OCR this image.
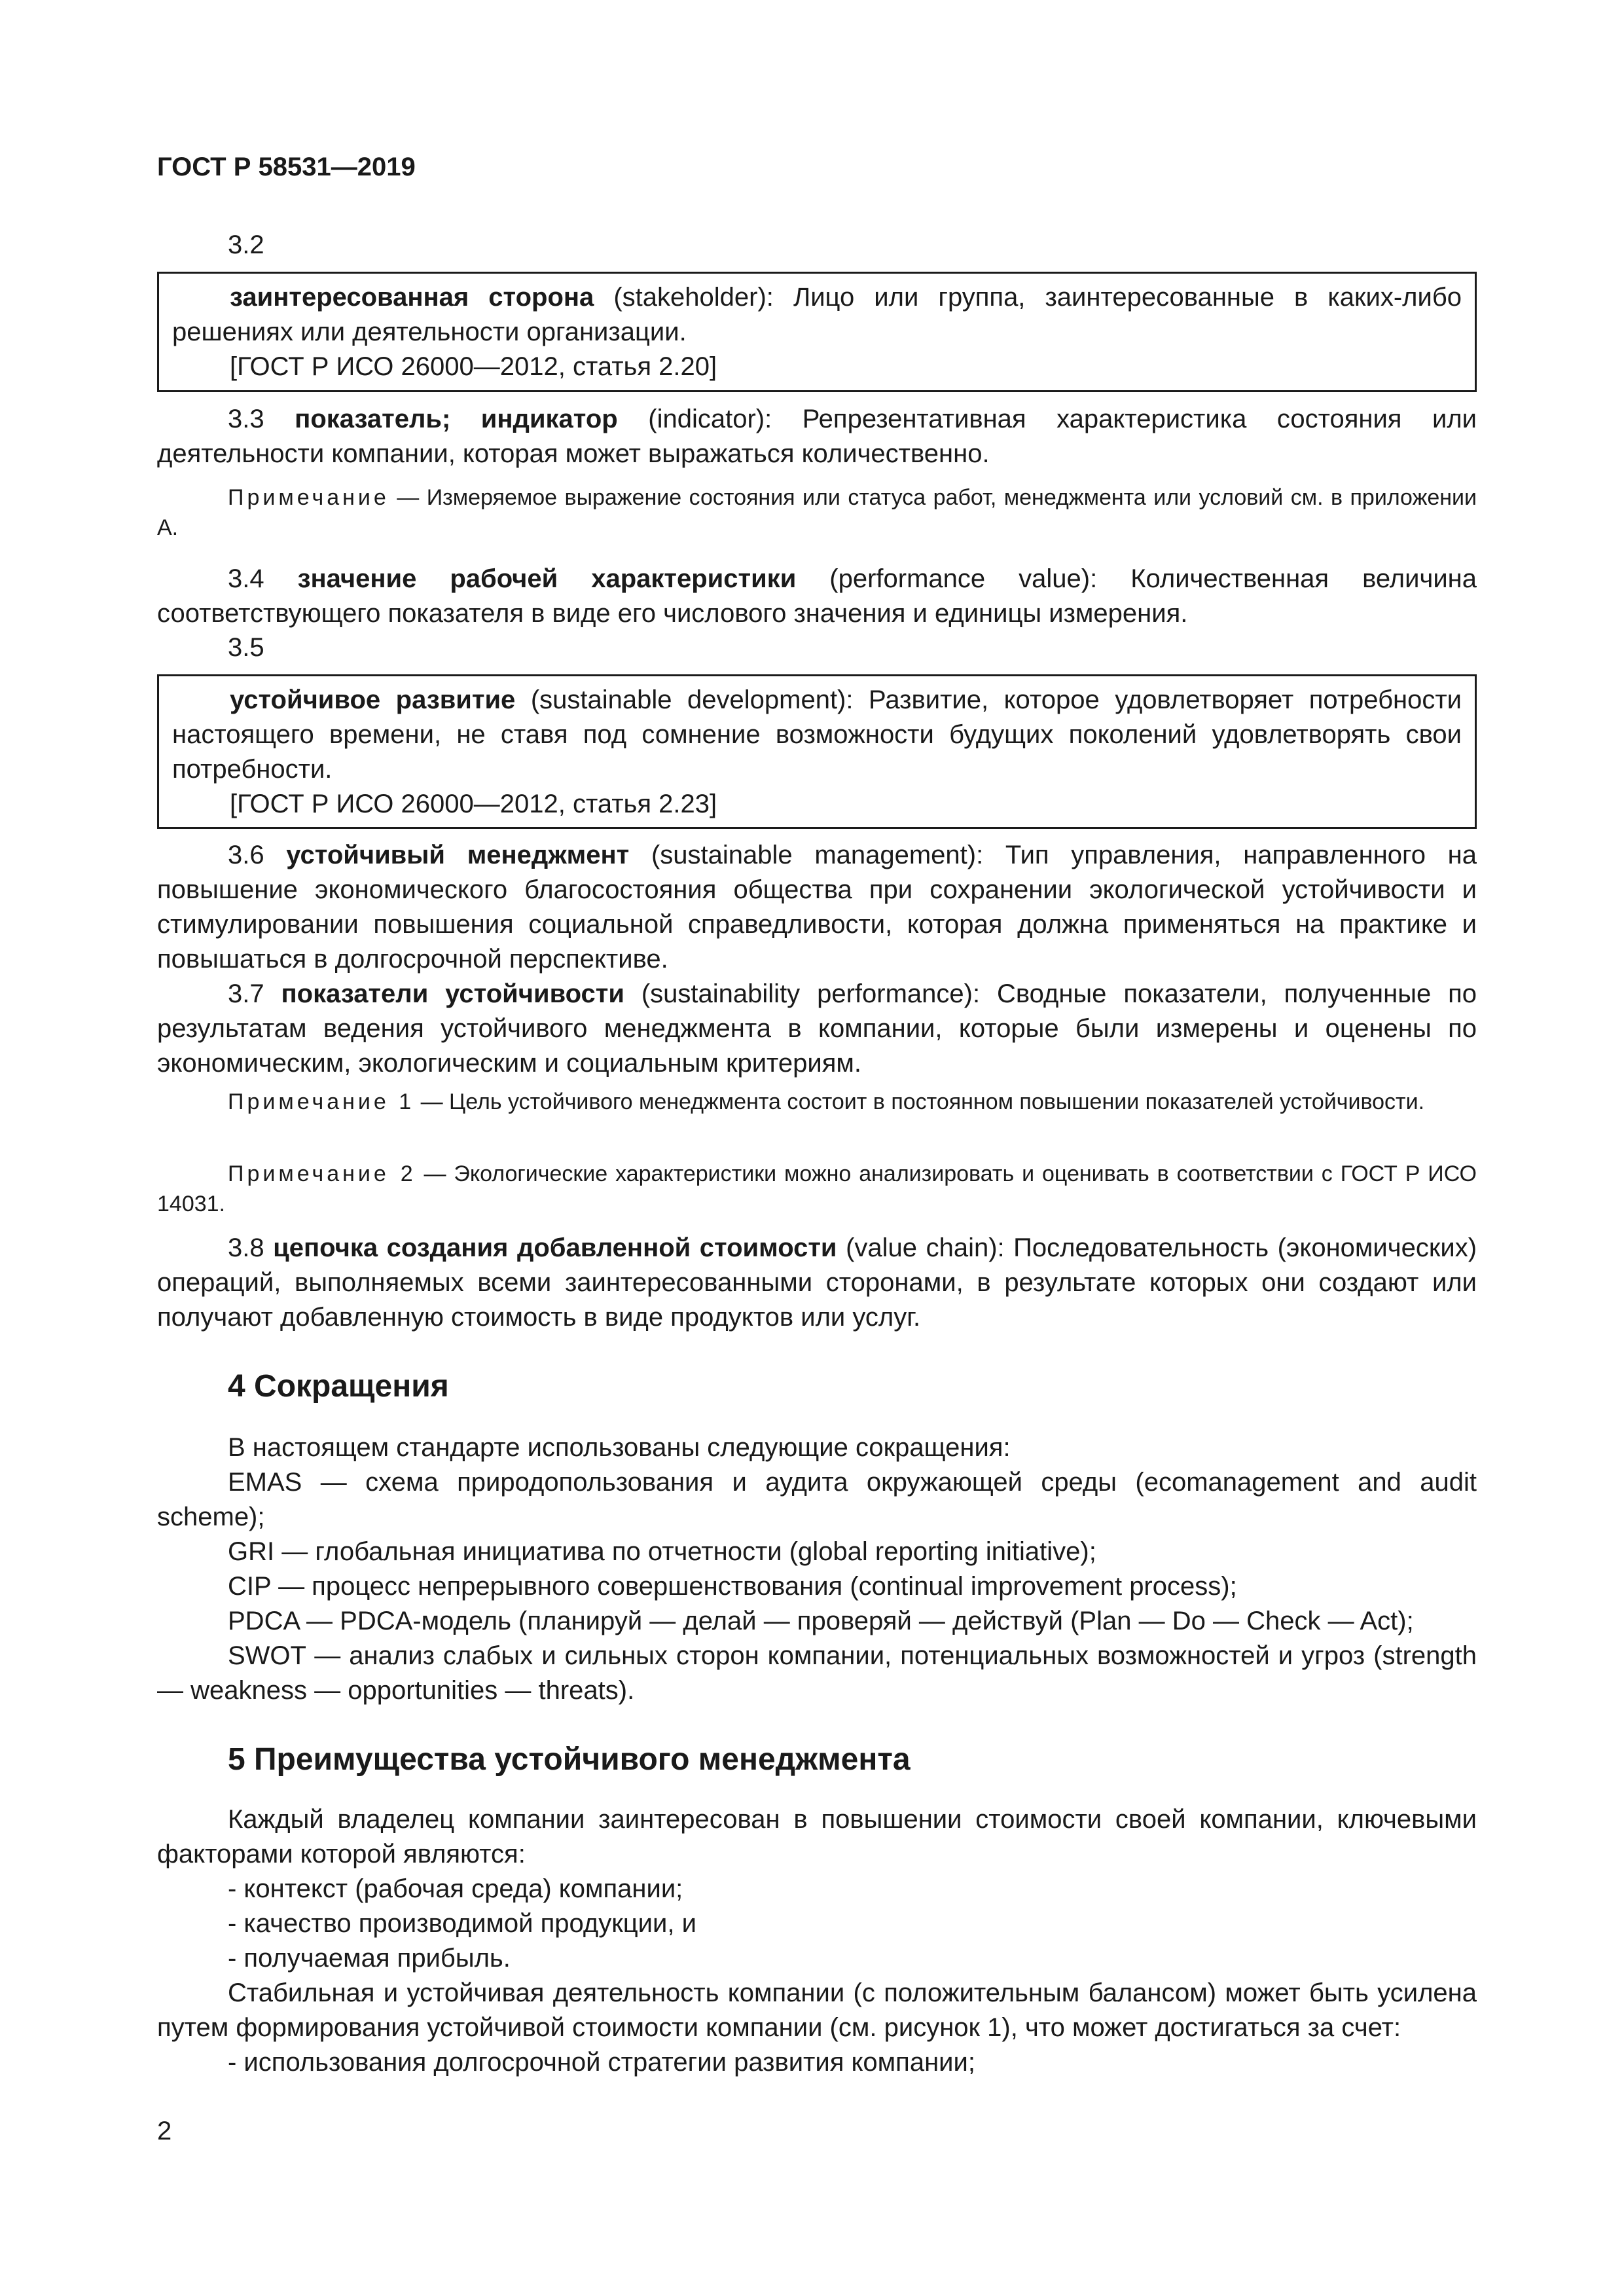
ГОСТ Р 58531—2019
3.2

заинтересованная сторона (stakeholder): Лицо или группа, заинтересованные в каких-либо решениях или деятельности организации.

[ГОСТ Р ИСО 26000—2012, статья 2.20]

3.3 показатель; индикатор (indicator): Репрезентативная характеристика состояния или деятельности компании, которая может выражаться количественно.

Примечание — Измеряемое выражение состояния или статуса работ, менеджмента или условий см. в приложении А.

3.4 значение рабочей характеристики (performance value): Количественная величина соответствующего показателя в виде его числового значения и единицы измерения.

3.5

устойчивое развитие (sustainable development): Развитие, которое удовлетворяет потребности настоящего времени, не ставя под сомнение возможности будущих поколений удовлетворять свои потребности.

[ГОСТ Р ИСО 26000—2012, статья 2.23]

3.6 устойчивый менеджмент (sustainable management): Тип управления, направленного на повышение экономического благосостояния общества при сохранении экологической устойчивости и стимулировании повышения социальной справедливости, которая должна применяться на практике и повышаться в долгосрочной перспективе.

3.7 показатели устойчивости (sustainability performance): Сводные показатели, полученные по результатам ведения устойчивого менеджмента в компании, которые были измерены и оценены по экономическим, экологическим и социальным критериям.

Примечание 1 — Цель устойчивого менеджмента состоит в постоянном повышении показателей устойчивости.

Примечание 2 — Экологические характеристики можно анализировать и оценивать в соответствии с ГОСТ Р ИСО 14031.

3.8 цепочка создания добавленной стоимости (value chain): Последовательность (экономических) операций, выполняемых всеми заинтересованными сторонами, в результате которых они создают или получают добавленную стоимость в виде продуктов или услуг.

4 Сокращения

В настоящем стандарте использованы следующие сокращения:

EMAS — схема природопользования и аудита окружающей среды (ecomanagement and audit scheme);

GRI — глобальная инициатива по отчетности (global reporting initiative);

CIP — процесс непрерывного совершенствования (continual improvement process);

PDCA — PDCA-модель (планируй — делай — проверяй — действуй (Plan — Do — Check — Act);

SWOT — анализ слабых и сильных сторон компании, потенциальных возможностей и угроз (strength — weakness — opportunities — threats).

5 Преимущества устойчивого менеджмента

Каждый владелец компании заинтересован в повышении стоимости своей компании, ключевыми факторами которой являются:

- контекст (рабочая среда) компании;
- качество производимой продукции, и
- получаемая прибыль.

Стабильная и устойчивая деятельность компании (с положительным балансом) может быть усилена путем формирования устойчивой стоимости компании (см. рисунок 1), что может достигаться за счет:

- использования долгосрочной стратегии развития компании;
2
